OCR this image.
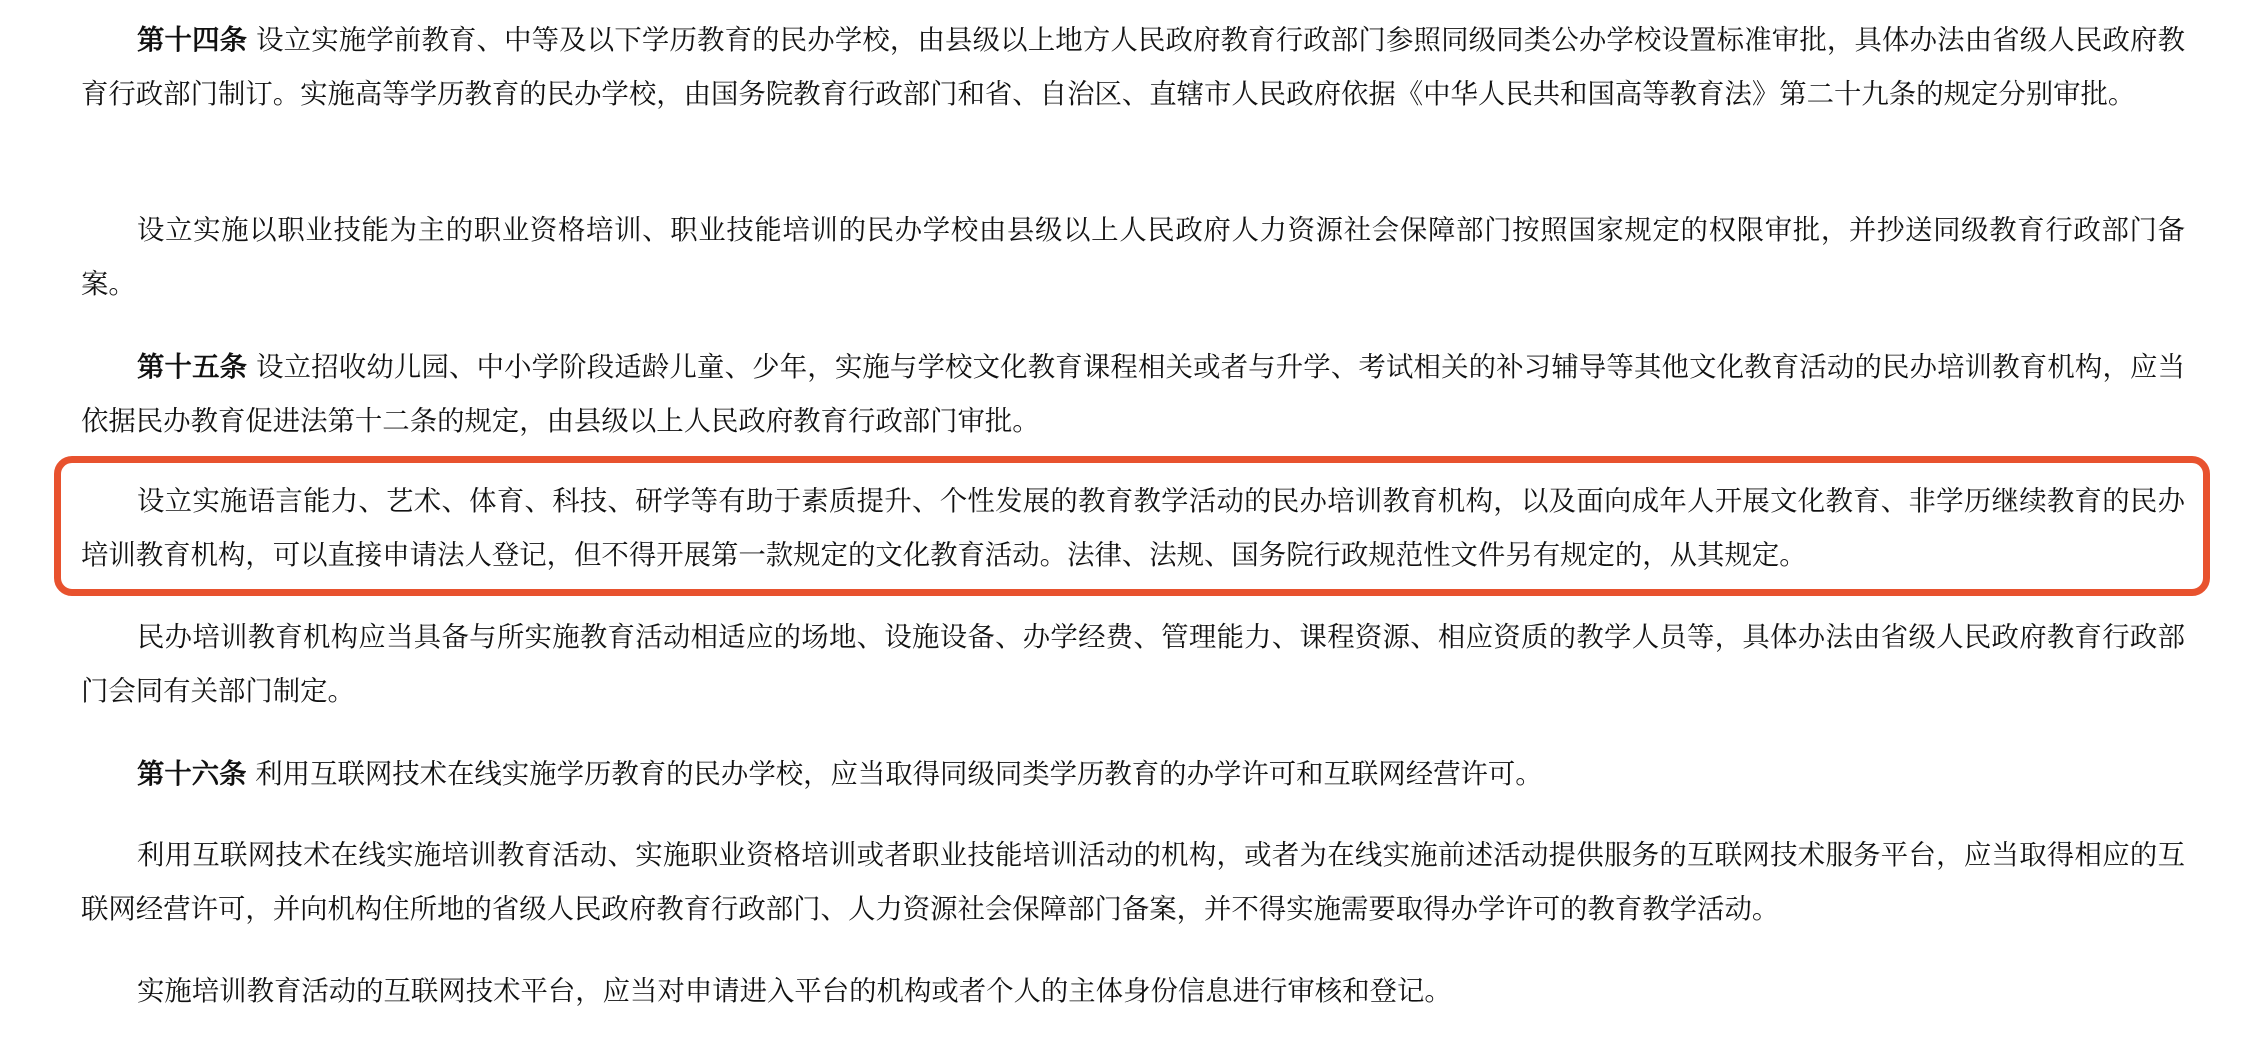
第十四条 设立实施学前教育、中等及以下学历教育的民办学校，由县级以上地方人民政府教育行政部门参照同级同类公办学校设置标准审批，具体办法由省级人民政府教育行政部门制订。实施高等学历教育的民办学校，由国务院教育行政部门和省、自治区、直辖市人民政府依据《中华人民共和国高等教育法》第二十九条的规定分别审批。

设立实施以职业技能为主的职业资格培训、职业技能培训的民办学校由县级以上人民政府人力资源社会保障部门按照国家规定的权限审批，并抄送同级教育行政部门备案。

第十五条 设立招收幼儿园、中小学阶段适龄儿童、少年，实施与学校文化教育课程相关或者与升学、考试相关的补习辅导等其他文化教育活动的民办培训教育机构，应当依据民办教育促进法第十二条的规定，由县级以上人民政府教育行政部门审批。

设立实施语言能力、艺术、体育、科技、研学等有助于素质提升、个性发展的教育教学活动的民办培训教育机构，以及面向成年人开展文化教育、非学历继续教育的民办培训教育机构，可以直接申请法人登记，但不得开展第一款规定的文化教育活动。法律、法规、国务院行政规范性文件另有规定的，从其规定。

民办培训教育机构应当具备与所实施教育活动相适应的场地、设施设备、办学经费、管理能力、课程资源、相应资质的教学人员等，具体办法由省级人民政府教育行政部门会同有关部门制定。

第十六条 利用互联网技术在线实施学历教育的民办学校，应当取得同级同类学历教育的办学许可和互联网经营许可。

利用互联网技术在线实施培训教育活动、实施职业资格培训或者职业技能培训活动的机构，或者为在线实施前述活动提供服务的互联网技术服务平台，应当取得相应的互联网经营许可，并向机构住所地的省级人民政府教育行政部门、人力资源社会保障部门备案，并不得实施需要取得办学许可的教育教学活动。

实施培训教育活动的互联网技术平台，应当对申请进入平台的机构或者个人的主体身份信息进行审核和登记。
